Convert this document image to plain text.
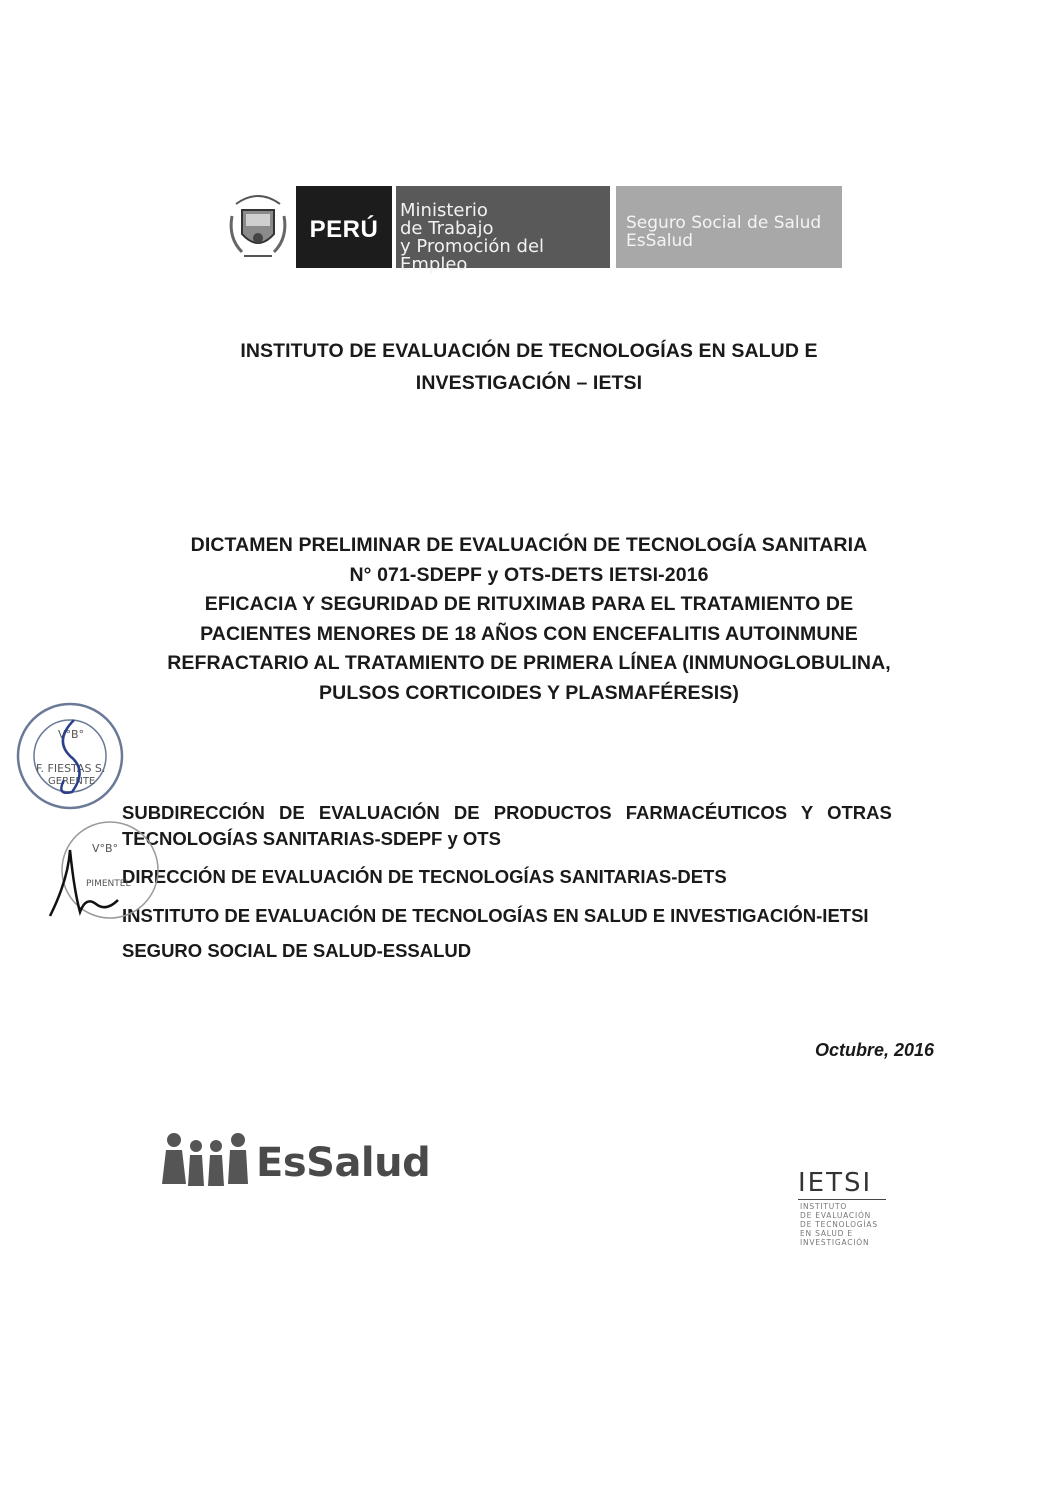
PERÚ
Ministerio
de Trabajo
y Promoción del Empleo
Seguro Social de Salud
EsSalud
INSTITUTO DE EVALUACIÓN DE TECNOLOGÍAS EN SALUD E
INVESTIGACIÓN – IETSI
DICTAMEN PRELIMINAR DE EVALUACIÓN DE TECNOLOGÍA SANITARIA
N° 071-SDEPF y OTS-DETS IETSI-2016
EFICACIA Y SEGURIDAD DE RITUXIMAB PARA EL TRATAMIENTO DE
PACIENTES MENORES DE 18 AÑOS CON ENCEFALITIS AUTOINMUNE
REFRACTARIO AL TRATAMIENTO DE PRIMERA LÍNEA (INMUNOGLOBULINA,
PULSOS CORTICOIDES Y PLASMAFÉRESIS)
SUBDIRECCIÓN DE EVALUACIÓN DE PRODUCTOS FARMACÉUTICOS Y OTRAS
TECNOLOGÍAS SANITARIAS-SDEPF y OTS
DIRECCIÓN DE EVALUACIÓN DE TECNOLOGÍAS SANITARIAS-DETS
INSTITUTO DE EVALUACIÓN DE TECNOLOGÍAS EN SALUD E INVESTIGACIÓN-IETSI
SEGURO SOCIAL DE SALUD-ESSALUD
Octubre, 2016
V°B°
F. FIESTAS S.
GERENTE
V°B°
PIMENTEL
EsSalud	IETSI
INSTITUTO
DE EVALUACIÓN
DE TECNOLOGÍAS
EN SALUD E
INVESTIGACIÓN
